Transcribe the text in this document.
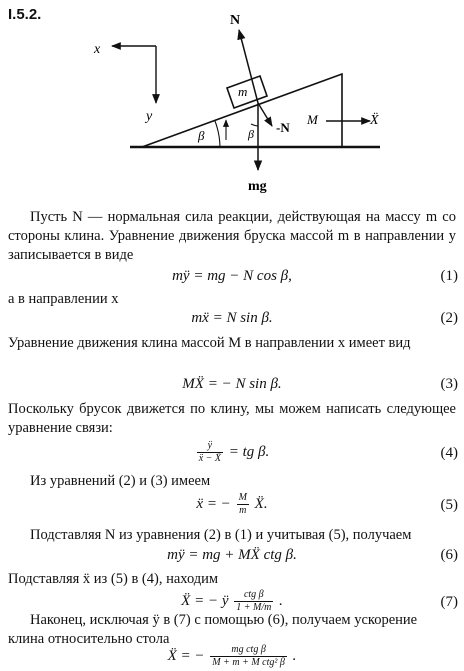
I.5.2.
x
y
m
N
mg
-N
β	β
M	Ẍ
Пусть N — нормальная сила реакции, действующая на массу m со стороны клина. Уравнение движения бруска массой m в направлении y записывается в виде
mÿ = mg − N cos β,	(1)
а в направлении x
mẍ = N sin β.	(2)
Уравнение движения клина массой M в направлении x имеет вид
MẌ = − N sin β.	(3)
Поскольку брусок движется по клину, мы можем написать следующее уравнение связи:
$\frac{ÿ}{\text{ẍ − Ẍ}}$ = tg β.	(4)
Из уравнений (2) и (3) имеем
ẍ = − $\frac{M}{m}$ Ẍ.	(5)
Подставляя N из уравнения (2) в (1) и учитывая (5), получаем
mÿ = mg + MẌ ctg β.	(6)
Подставляя ẍ из (5) в (4), находим
Ẍ = − ÿ $\frac{\text{ctg β}}{1 + M/m}$ .	(7)
Наконец, исключая ÿ в (7) с помощью (6), получаем ускорение клина относительно стола
Ẍ = − $\frac{\text{mg ctg β}}{\text{M + m + M ctg² β}}$ .
